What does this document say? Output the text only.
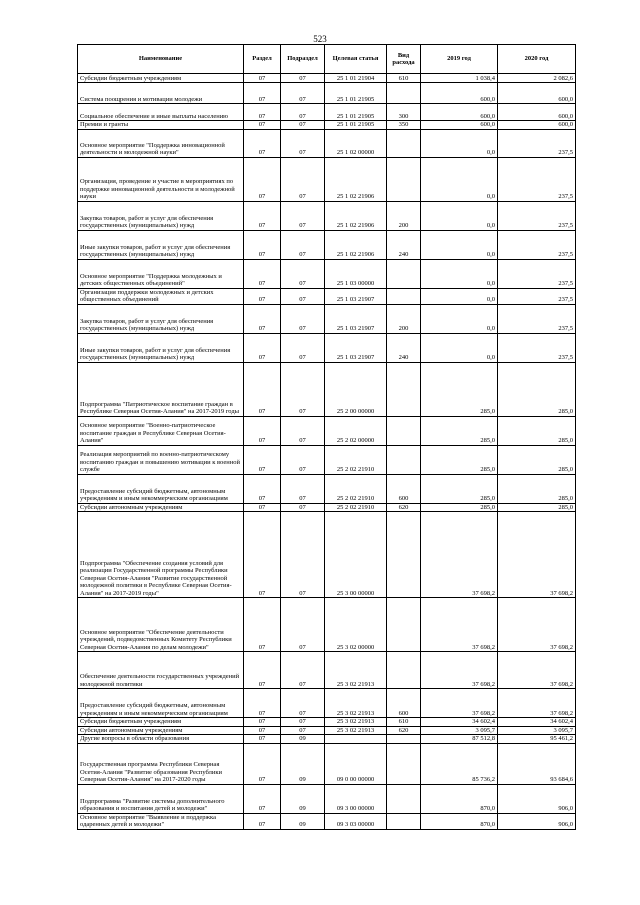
523
Наименование	Раздел	Подраздел	Целевая статья	Вид расхода	2019 год	2020 год
Субсидии бюджетным учреждениям	07	07	25 1 01 21904	610	1 038,4	2 082,6
Система поощрения и мотивации молодежи	07	07	25 1 01 21905		600,0	600,0
Социальное обеспечение и иные выплаты населению	07	07	25 1 01 21905	300	600,0	600,0
Премии и гранты	07	07	25 1 01 21905	350	600,0	600,0
Основное мероприятие "Поддержка инновационной деятельности и молодежной науки"	07	07	25 1 02 00000		0,0	237,5
Организация, проведение и участие в мероприятиях по поддержке инновационной деятельности и молодежной науки	07	07	25 1 02 21906		0,0	237,5
Закупка товаров, работ и услуг для обеспечения государственных (муниципальных) нужд	07	07	25 1 02 21906	200	0,0	237,5
Иные закупки товаров, работ и услуг для обеспечения государственных (муниципальных) нужд	07	07	25 1 02 21906	240	0,0	237,5
Основное мероприятие "Поддержка молодежных и детских общественных объединений"	07	07	25 1 03 00000		0,0	237,5
Организация поддержки молодежных и детских общественных объединений	07	07	25 1 03 21907		0,0	237,5
Закупка товаров, работ и услуг для обеспечения государственных (муниципальных) нужд	07	07	25 1 03 21907	200	0,0	237,5
Иные закупки товаров, работ и услуг для обеспечения государственных (муниципальных) нужд	07	07	25 1 03 21907	240	0,0	237,5
Подпрограмма "Патриотическое воспитание граждан в Республике Северная Осетия-Алания" на 2017-2019 годы	07	07	25 2 00 00000		285,0	285,0
Основное мероприятие "Военно-патриотическое воспитание граждан в Республике Северная Осетия-Алания"	07	07	25 2 02 00000		285,0	285,0
Реализация мероприятий по военно-патриотическому воспитанию граждан и повышению мотивации к военной службе	07	07	25 2 02 21910		285,0	285,0
Предоставление субсидий бюджетным, автономным учреждениям и иным некоммерческим организациям	07	07	25 2 02 21910	600	285,0	285,0
Субсидии автономным учреждениям	07	07	25 2 02 21910	620	285,0	285,0
Подпрограмма "Обеспечение создания условий для реализации Государственной программы Республики Северная Осетия-Алания "Развитие государственной молодежной политики в Республике Северная Осетия-Алания" на 2017-2019 годы"	07	07	25 3 00 00000		37 698,2	37 698,2
Основное мероприятие "Обеспечение деятельности учреждений, подведомственных Комитету Республики Северная Осетия-Алания по делам молодежи"	07	07	25 3 02 00000		37 698,2	37 698,2
Обеспечение деятельности государственных учреждений молодежной политики	07	07	25 3 02 21913		37 698,2	37 698,2
Предоставление субсидий бюджетным, автономным учреждениям и иным некоммерческим организациям	07	07	25 3 02 21913	600	37 698,2	37 698,2
Субсидии бюджетным учреждениям	07	07	25 3 02 21913	610	34 602,4	34 602,4
Субсидии автономным учреждениям	07	07	25 3 02 21913	620	3 095,7	3 095,7
Другие вопросы в области образования	07	09			87 512,8	95 461,2
Государственная программа Республики Северная Осетия-Алания "Развитие образования Республики Северная Осетия-Алания" на 2017-2020 годы	07	09	09 0 00 00000		85 736,2	93 684,6
Подпрограмма "Развитие системы дополнительного образования и воспитания детей и молодежи"	07	09	09 3 00 00000		870,0	906,0
Основное мероприятие "Выявление и поддержка одаренных детей и молодежи"	07	09	09 3 03 00000		870,0	906,0
